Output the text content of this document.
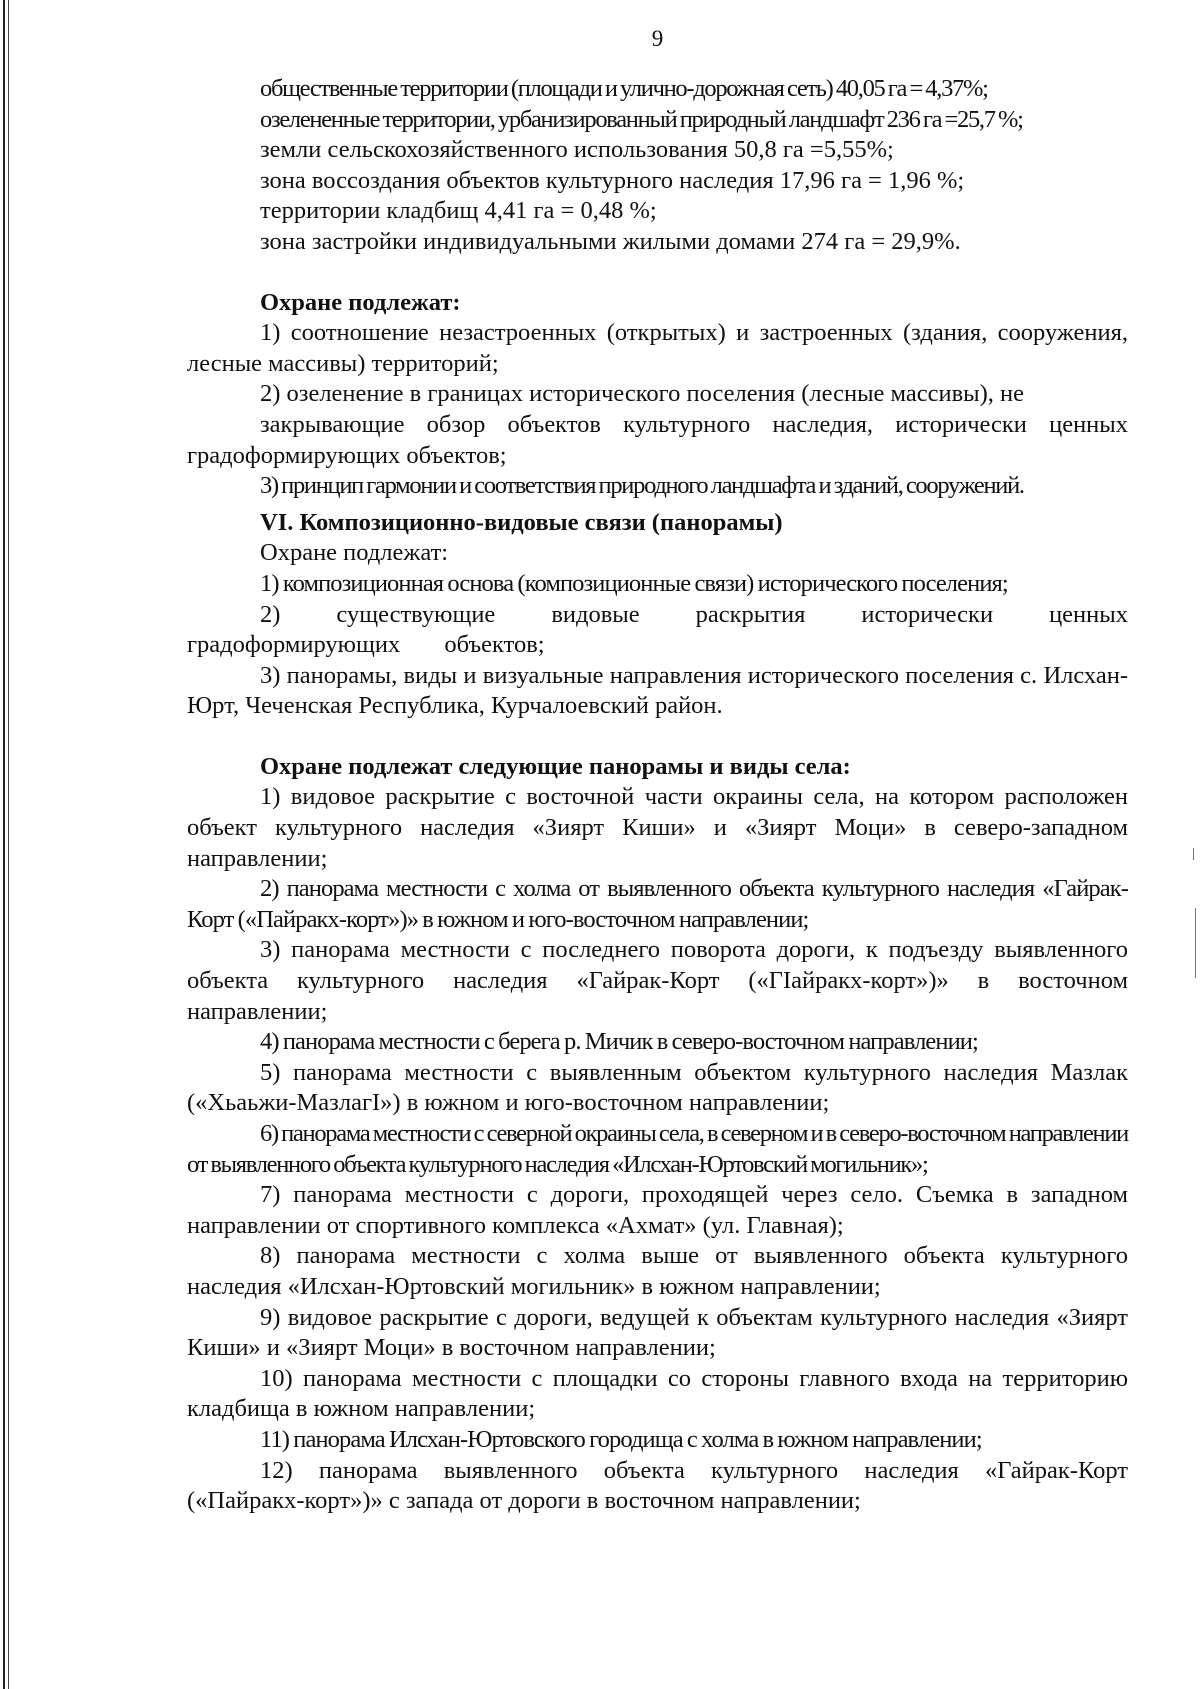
9
общественные территории (площади и улично-дорожная сеть) 40,05 га = 4,37%;
озелененные территории, урбанизированный природный ландшафт 236 га =25,7 %;
земли сельскохозяйственного использования 50,8 га =5,55%;
зона воссоздания объектов культурного наследия 17,96 га = 1,96 %;
территории кладбищ 4,41 га = 0,48 %;
зона застройки индивидуальными жилыми домами 274 га = 29,9%.
Охране подлежат:

1) соотношение незастроенных (открытых) и застроенных (здания, сооружения, лесные массивы) территорий;

2) озеленение в границах исторического поселения (лесные массивы), не

закрывающие обзор объектов культурного наследия, исторически ценных градоформирующих объектов;

3) принцип гармонии и соответствия природного ландшафта и зданий, сооружений.
VI. Композиционно-видовые связи (панорамы)
Охране подлежат:
1) композиционная основа (композиционные связи) исторического поселения;

2) существующие видовые раскрытия исторически ценных градоформирующих объектов;

3) панорамы, виды и визуальные направления исторического поселения с. Илсхан-Юрт, Чеченская Республика, Курчалоевский район.

Охране подлежат следующие панорамы и виды села:

1) видовое раскрытие с восточной части окраины села, на котором расположен объект культурного наследия «Зиярт Киши» и «Зиярт Моци» в северо-западном направлении;

2) панорама местности с холма от выявленного объекта культурного наследия «Гайрак-Корт («Пайракх-корт»)» в южном и юго-восточном направлении;

3) панорама местности с последнего поворота дороги, к подъезду выявленного объекта культурного наследия «Гайрак-Корт («ГIайракх-корт»)» в восточном направлении;

4) панорама местности с берега р. Мичик в северо-восточном направлении;

5) панорама местности с выявленным объектом культурного наследия Мазлак («Хьаьжи-МазлагI») в южном и юго-восточном направлении;

6) панорама местности с северной окраины села, в северном и в северо-восточном направлении от выявленного объекта культурного наследия «Илсхан-Юртовский могильник»;

7) панорама местности с дороги, проходящей через село. Съемка в западном направлении от спортивного комплекса «Ахмат» (ул. Главная);

8) панорама местности с холма выше от выявленного объекта культурного наследия «Илсхан-Юртовский могильник» в южном направлении;

9) видовое раскрытие с дороги, ведущей к объектам культурного наследия «Зиярт Киши» и «Зиярт Моци» в восточном направлении;

10) панорама местности с площадки со стороны главного входа на территорию кладбища в южном направлении;

11) панорама Илсхан-Юртовского городища с холма в южном направлении;

12) панорама выявленного объекта культурного наследия «Гайрак-Корт («Пайракх-корт»)» с запада от дороги в восточном направлении;
